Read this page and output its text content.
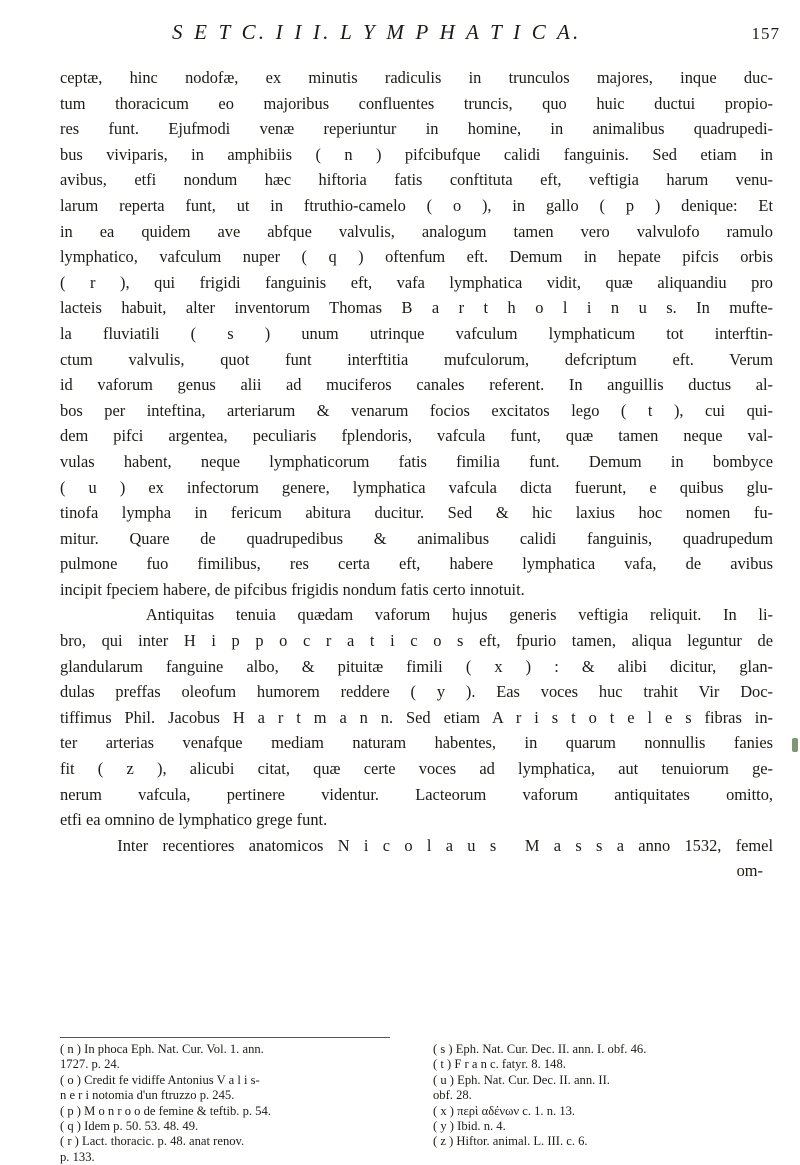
S E T C. I I I. L Y M P H A T I C A.	157
ceptæ, hinc nodofæ, ex minutis radiculis in trunculos majores, inque duc-
tum thoracicum eo majoribus confluentes truncis, quo huic ductui propio-
res funt. Ejufmodi venæ reperiuntur in homine, in animalibus quadrupedi-
bus viviparis, in amphibiis ( n ) pifcibufque calidi fanguinis. Sed etiam in
avibus, etfi nondum hæc hiftoria fatis conftituta eft, veftigia harum venu-
larum reperta funt, ut in ftruthio-camelo ( o ), in gallo ( p ) denique: Et
in ea quidem ave abfque valvulis, analogum tamen vero valvulofo ramulo
lymphatico, vafculum nuper ( q ) oftenfum eft. Demum in hepate pifcis orbis
( r ), qui frigidi fanguinis eft, vafa lymphatica vidit, quæ aliquandiu pro
lacteis habuit, alter inventorum Thomas B a r t h o l i n u s. In mufte-
la fluviatili ( s ) unum utrinque vafculum lymphaticum tot interftin-
ctum valvulis, quot funt interftitia mufculorum, defcriptum eft. Verum
id vaforum genus alii ad muciferos canales referent. In anguillis ductus al-
bos per inteftina, arteriarum & venarum focios excitatos lego ( t ), cui qui-
dem pifci argentea, peculiaris fplendoris, vafcula funt, quæ tamen neque val-
vulas habent, neque lymphaticorum fatis fimilia funt. Demum in bombyce
( u ) ex infectorum genere, lymphatica vafcula dicta fuerunt, e quibus glu-
tinofa lympha in fericum abitura ducitur. Sed & hic laxius hoc nomen fu-
mitur. Quare de quadrupedibus & animalibus calidi fanguinis, quadrupedum
pulmone fuo fimilibus, res certa eft, habere lymphatica vafa, de avibus
incipit fpeciem habere, de pifcibus frigidis nondum fatis certo innotuit.
Antiquitas tenuia quædam vaforum hujus generis veftigia reliquit. In li-
bro, qui inter H i p p o c r a t i c o s eft, fpurio tamen, aliqua leguntur de
glandularum fanguine albo, & pituitæ fimili ( x ) : & alibi dicitur, glan-
dulas preffas oleofum humorem reddere ( y ). Eas voces huc trahit Vir Doc-
tiffimus Phil. Jacobus H a r t m a n n. Sed etiam A r i s t o t e l e s fibras in-
ter arterias venafque mediam naturam habentes, in quarum nonnullis fanies
fit ( z ), alicubi citat, quæ certe voces ad lymphatica, aut tenuiorum ge-
nerum vafcula, pertinere videntur. Lacteorum vaforum antiquitates omitto,
etfi ea omnino de lymphatico grege funt.
Inter recentiores anatomicos N i c o l a u s  M a s s a anno 1532, femel
om-
( n ) In phoca Eph. Nat. Cur. Vol. 1. ann.
1727. p. 24.
( o ) Credit fe vidiffe Antonius V a l i s-
n e r i notomia d'un ftruzzo p. 245.
( p ) M o n r o o de femine & teftib. p. 54.
( q ) Idem p. 50. 53. 48. 49.
( r ) Lact. thoracic. p. 48. anat renov.
p. 133.
( s ) Eph. Nat. Cur. Dec. II. ann. I. obf. 46.
( t ) F r a n c. fatyr. 8. 148.
( u ) Eph. Nat. Cur. Dec. II. ann. II.
obf. 28.
( x ) περὶ αδένων c. 1. n. 13.
( y ) Ibid. n. 4.
( z ) Hiftor. animal. L. III. c. 6.
